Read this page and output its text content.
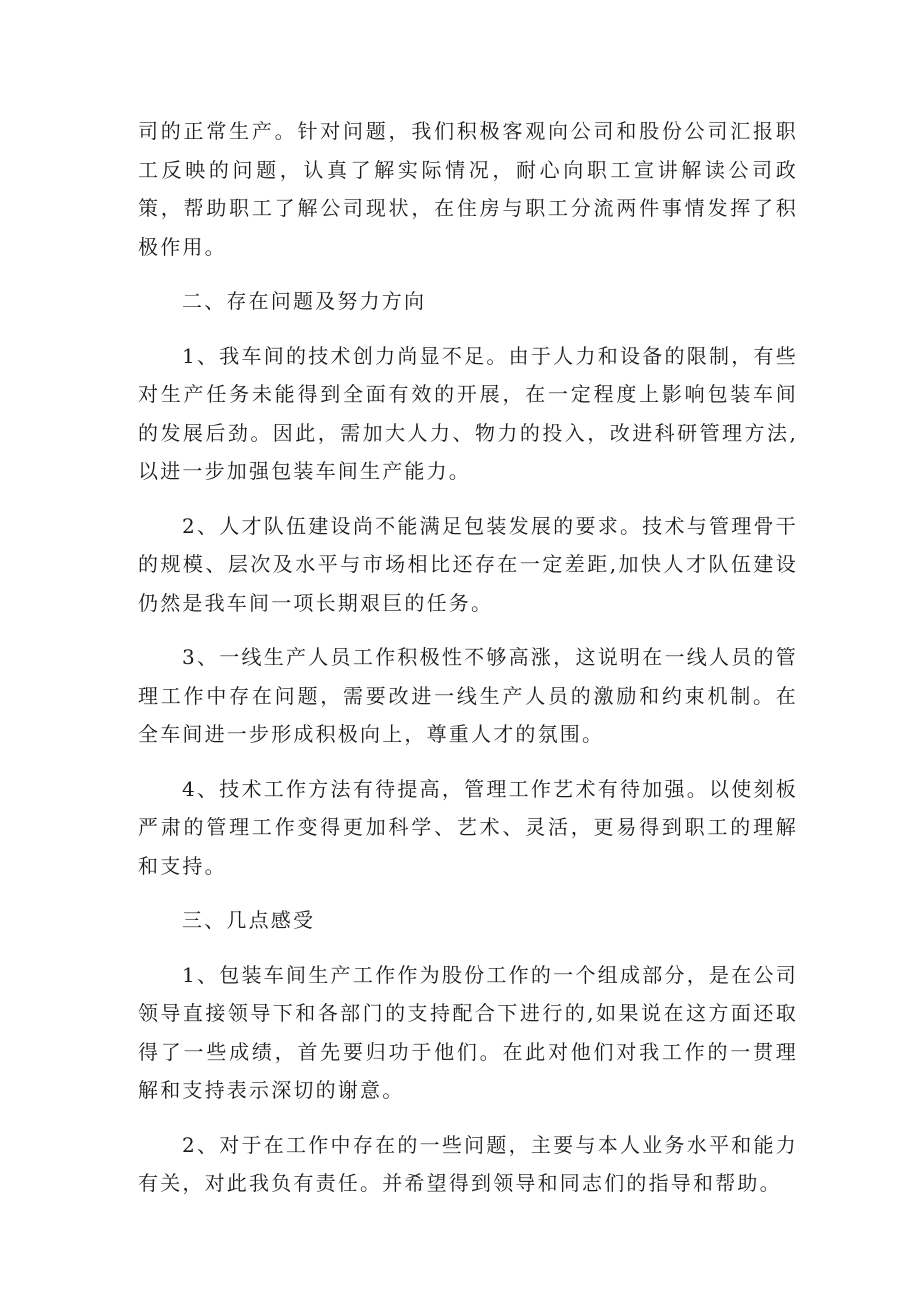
司的正常生产。针对问题，我们积极客观向公司和股份公司汇报职工反映的问题，认真了解实际情况，耐心向职工宣讲解读公司政策，帮助职工了解公司现状，在住房与职工分流两件事情发挥了积极作用。

二、存在问题及努力方向

1、我车间的技术创力尚显不足。由于人力和设备的限制，有些对生产任务未能得到全面有效的开展，在一定程度上影响包装车间的发展后劲。因此，需加大人力、物力的投入，改进科研管理方法,以进一步加强包装车间生产能力。

2、人才队伍建设尚不能满足包装发展的要求。技术与管理骨干的规模、层次及水平与市场相比还存在一定差距,加快人才队伍建设仍然是我车间一项长期艰巨的任务。

3、一线生产人员工作积极性不够高涨，这说明在一线人员的管理工作中存在问题，需要改进一线生产人员的激励和约束机制。在全车间进一步形成积极向上，尊重人才的氛围。

4、技术工作方法有待提高，管理工作艺术有待加强。以使刻板严肃的管理工作变得更加科学、艺术、灵活，更易得到职工的理解和支持。

三、几点感受

1、包装车间生产工作作为股份工作的一个组成部分，是在公司领导直接领导下和各部门的支持配合下进行的,如果说在这方面还取得了一些成绩，首先要归功于他们。在此对他们对我工作的一贯理解和支持表示深切的谢意。

2、对于在工作中存在的一些问题，主要与本人业务水平和能力有关，对此我负有责任。并希望得到领导和同志们的指导和帮助。
